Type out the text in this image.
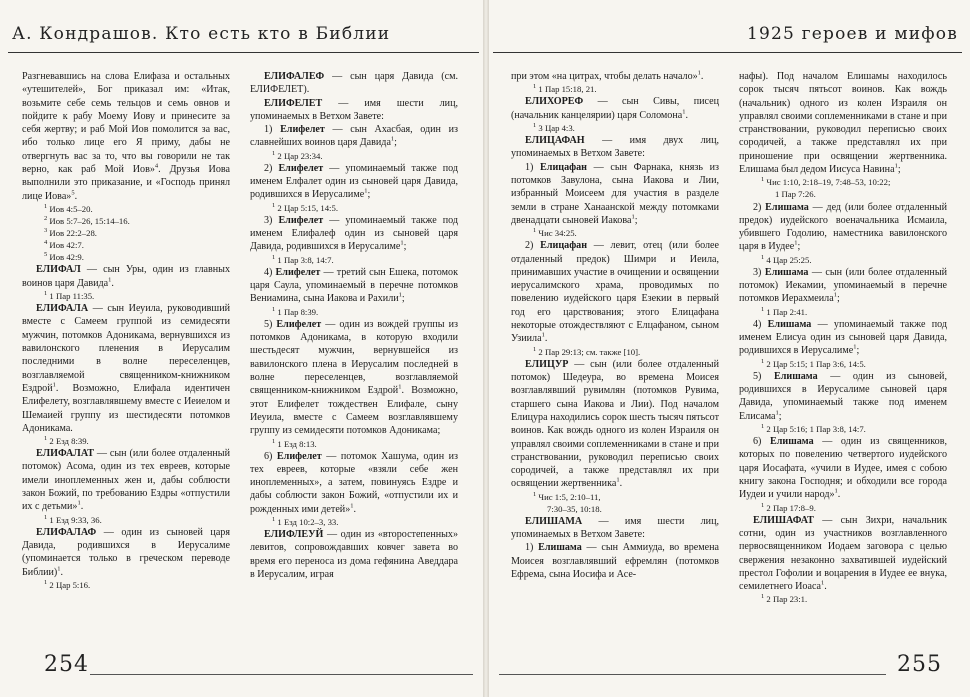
А. Кондрашов. Кто есть кто в Библии

Разгневавшись на слова Елифаза и остальных «утешителей», Бог приказал им: «Итак, возьмите себе семь тельцов и семь овнов и пойдите к рабу Моему Иову и принесите за себя жертву; и раб Мой Иов помолится за вас, ибо только лице его Я приму, дабы не отвергнуть вас за то, что вы говорили не так верно, как раб Мой Иов»$^4$. Друзья Иова выполнили это приказание, и «Господь принял лице Иова»$^5$.

$^1$ Иов 4:5–20.

$^2$ Иов 5:7–26, 15:14–16.

$^3$ Иов 22:2–28.

$^4$ Иов 42:7.

$^5$ Иов 42:9.

ЕЛИФАЛ — сын Уры, один из главных воинов царя Давида$^1$.

$^1$ 1 Пар 11:35.

ЕЛИФАЛА — сын Иеуила, руководивший вместе с Самеем группой из семидесяти мужчин, потомков Адоникама, вернувшихся из вавилонского пленения в Иерусалим последними в волне переселенцев, возглавляемой священником-книжником Ездрой$^1$. Возможно, Елифала идентичен Елифелету, возглавлявшему вместе с Иеиелом и Шемаией группу из шестидесяти потомков Адоникама.

$^1$ 2 Езд 8:39.

ЕЛИФАЛАТ — сын (или более отдаленный потомок) Асома, один из тех евреев, которые имели иноплеменных жен и, дабы соблюсти закон Божий, по требованию Ездры «отпустили их с детьми»$^1$.

$^1$ 1 Езд 9:33, 36.

ЕЛИФАЛАФ — один из сыновей царя Давида, родившихся в Иерусалиме (упоминается только в греческом переводе Библии)$^1$.

$^1$ 2 Цар 5:16.

ЕЛИФАЛЕФ — сын царя Давида (см. ЕЛИФЕЛЕТ).

ЕЛИФЕЛЕТ — имя шести лиц, упоминаемых в Ветхом Завете:

1) Елифелет — сын Ахасбая, один из славнейших воинов царя Давида$^1$;

$^1$ 2 Цар 23:34.

2) Елифелет — упоминаемый также под именем Елфалет один из сыновей царя Давида, родившихся в Иерусалиме$^1$;

$^1$ 2 Цар 5:15, 14:5.

3) Елифелет — упоминаемый также под именем Елифалеф один из сыновей царя Давида, родившихся в Иерусалиме$^1$;

$^1$ 1 Пар 3:8, 14:7.

4) Елифелет — третий сын Ешека, потомок царя Саула, упоминаемый в перечне потомков Вениамина, сына Иакова и Рахили$^1$;

$^1$ 1 Пар 8:39.

5) Елифелет — один из вождей группы из потомков Адоникама, в которую входили шестьдесят мужчин, вернувшейся из вавилонского плена в Иерусалим последней в волне переселенцев, возглавляемой священником-книжником Ездрой$^1$. Возможно, этот Елифелет тождествен Елифале, сыну Иеуила, вместе с Самеем возглавлявшему группу из семидесяти потомков Адоникама;

$^1$ 1 Езд 8:13.

6) Елифелет — потомок Хашума, один из тех евреев, которые «взяли себе жен иноплеменных», а затем, повинуясь Ездре и дабы соблюсти закон Божий, «отпустили их и рожденных ими детей»$^1$.

$^1$ 1 Езд 10:2–3, 33.

ЕЛИФЛЕУЙ — один из «второстепенных» левитов, сопровождавших ковчег завета во время его переноса из дома гефянина Аведдара в Иерусалим, играя

254
1925 героев и мифов

при этом «на цитрах, чтобы делать начало»$^1$.

$^1$ 1 Пар 15:18, 21.

ЕЛИХОРЕФ — сын Сивы, писец (начальник канцелярии) царя Соломона$^1$.

$^1$ 3 Цар 4:3.

ЕЛИЦАФАН — имя двух лиц, упоминаемых в Ветхом Завете:

1) Елицафан — сын Фарнака, князь из потомков Завулона, сына Иакова и Лии, избранный Моисеем для участия в разделе земли в стране Ханаанской между потомками двенадцати сыновей Иакова$^1$;

$^1$ Чис 34:25.

2) Елицафан — левит, отец (или более отдаленный предок) Шимри и Иеила, принимавших участие в очищении и освящении иерусалимского храма, проводимых по повелению иудейского царя Езекии в первый год его царствования; этого Елицафана некоторые отождествляют с Елцафаном, сыном Узиила$^1$.

$^1$ 2 Пар 29:13; см. также [10].

ЕЛИЦУР — сын (или более отдаленный потомок) Шедеура, во времена Моисея возглавлявший рувимлян (потомков Рувима, старшего сына Иакова и Лии). Под началом Елицура находились сорок шесть тысяч пятьсот воинов. Как вождь одного из колен Израиля он управлял своими соплеменниками в стане и при странствовании, руководил переписью своих сородичей, а также представлял их при освящении жертвенника$^1$.

$^1$ Чис 1:5, 2:10–11,

7:30–35, 10:18.

ЕЛИШАМА — имя шести лиц, упоминаемых в Ветхом Завете:

1) Елишама — сын Аммиуда, во времена Моисея возглавлявший ефремлян (потомков Ефрема, сына Иосифа и Асе-

нафы). Под началом Елишамы находилось сорок тысяч пятьсот воинов. Как вождь (начальник) одного из колен Израиля он управлял своими соплеменниками в стане и при странствовании, руководил переписью своих сородичей, а также представлял их при приношение при освящении жертвенника. Елишама был дедом Иисуса Навина$^1$;

$^1$ Чис 1:10, 2:18–19, 7:48–53, 10:22;

1 Пар 7:26.

2) Елишама — дед (или более отдаленный предок) иудейского военачальника Исмаила, убившего Годолию, наместника вавилонского царя в Иудее$^1$;

$^1$ 4 Цар 25:25.

3) Елишама — сын (или более отдаленный потомок) Иекамии, упоминаемый в перечне потомков Иерахмеила$^1$;

$^1$ 1 Пар 2:41.

4) Елишама — упоминаемый также под именем Елисуа один из сыновей царя Давида, родившихся в Иерусалиме$^1$;

$^1$ 2 Цар 5:15; 1 Пар 3:6, 14:5.

5) Елишама — один из сыновей, родившихся в Иерусалиме сыновей царя Давида, упоминаемый также под именем Елисама$^1$;

$^1$ 2 Цар 5:16; 1 Пар 3:8, 14:7.

6) Елишама — один из священников, которых по повелению четвертого иудейского царя Иосафата, «учили в Иудее, имея с собою книгу закона Господня; и обходили все города Иудеи и учили народ»$^1$.

$^1$ 2 Пар 17:8–9.

ЕЛИШАФАТ — сын Зихри, начальник сотни, один из участников возглавленного первосвященником Иодаем заговора с целью свержения незаконно захватившей иудейский престол Гофолии и воцарения в Иудее ее внука, семилетнего Иоаса$^1$.

$^1$ 2 Пар 23:1.

255
